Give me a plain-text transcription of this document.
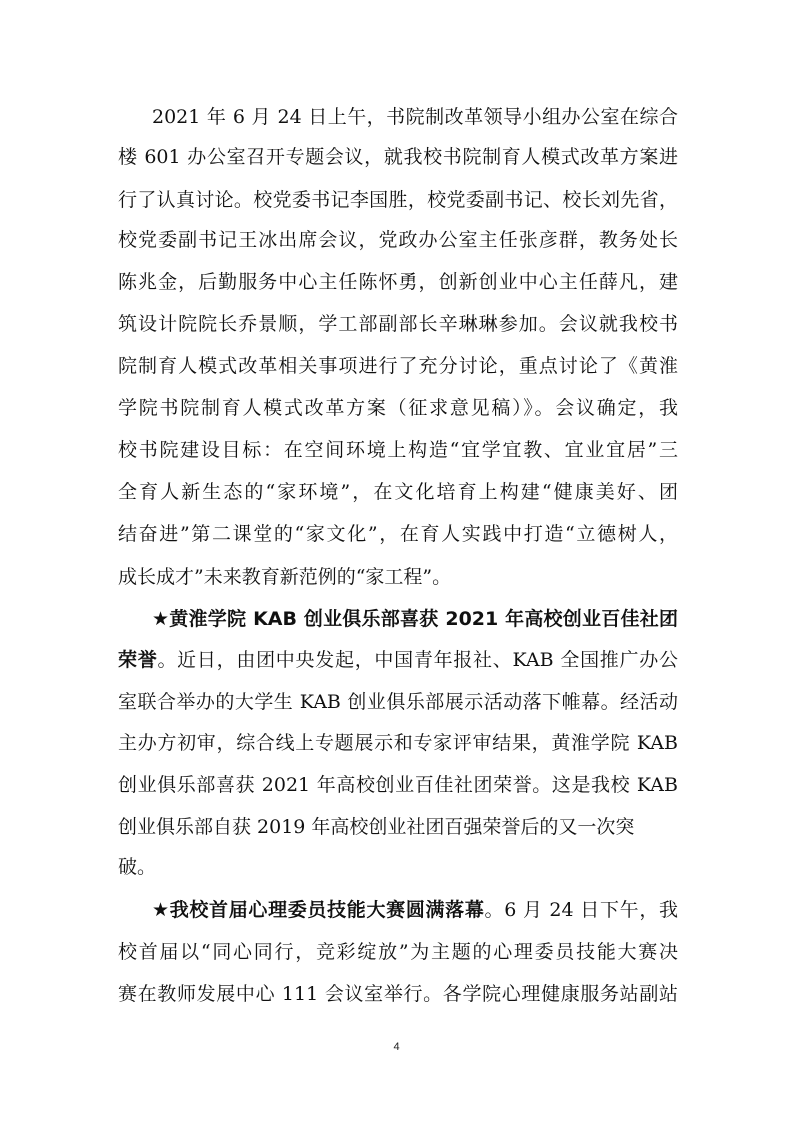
2021 年 6 月 24 日上午，书院制改革领导小组办公室在综合
楼 601 办公室召开专题会议，就我校书院制育人模式改革方案进
行了认真讨论。校党委书记李国胜，校党委副书记、校长刘先省，
校党委副书记王冰出席会议，党政办公室主任张彦群，教务处长
陈兆金，后勤服务中心主任陈怀勇，创新创业中心主任薛凡，建
筑设计院院长乔景顺，学工部副部长辛琳琳参加。会议就我校书
院制育人模式改革相关事项进行了充分讨论，重点讨论了《黄淮
学院书院制育人模式改革方案（征求意见稿）》。会议确定，我
校书院建设目标：在空间环境上构造“宜学宜教、宜业宜居”三
全育人新生态的“家环境”，在文化培育上构建“健康美好、团
结奋进”第二课堂的“家文化”，在育人实践中打造“立德树人，
成长成才”未来教育新范例的“家工程”。
★黄淮学院 KAB 创业俱乐部喜获 2021 年高校创业百佳社团
荣誉。近日，由团中央发起，中国青年报社、KAB 全国推广办公
室联合举办的大学生 KAB 创业俱乐部展示活动落下帷幕。经活动
主办方初审，综合线上专题展示和专家评审结果，黄淮学院 KAB
创业俱乐部喜获 2021 年高校创业百佳社团荣誉。这是我校 KAB
创业俱乐部自获 2019 年高校创业社团百强荣誉后的又一次突
破。
★我校首届心理委员技能大赛圆满落幕。6 月 24 日下午，我
4
校首届以“同心同行，竞彩绽放”为主题的心理委员技能大赛决
赛在教师发展中心 111 会议室举行。各学院心理健康服务站副站
